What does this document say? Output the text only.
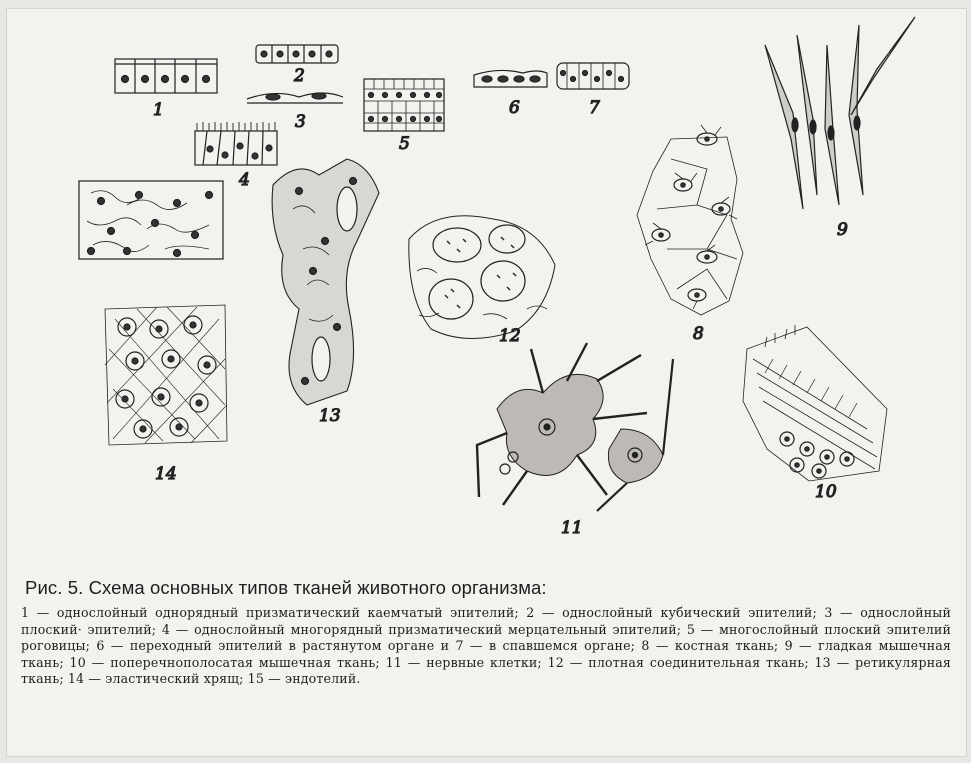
1
2
3
4
5
6	7
14
13
12	8
9
10
11

Рис. 5. Схема основных типов тканей животного организма:

1 — однослойный однорядный призматический каемчатый эпителий; 2 — однослойный кубический эпителий; 3 — однослойный плоский· эпителий; 4 — однослойный многорядный призматический мерцательный эпителий; 5 — многослойный плоский эпителий роговицы; 6 — переходный эпителий в растянутом органе и 7 — в спавшемся органе; 8 — костная ткань; 9 — гладкая мышечная ткань; 10 — поперечнополосатая мышечная ткань; 11 — нервные клетки; 12 — плотная соединительная ткань; 13 — ретикулярная ткань; 14 — эластический хрящ; 15 — эндотелий.
